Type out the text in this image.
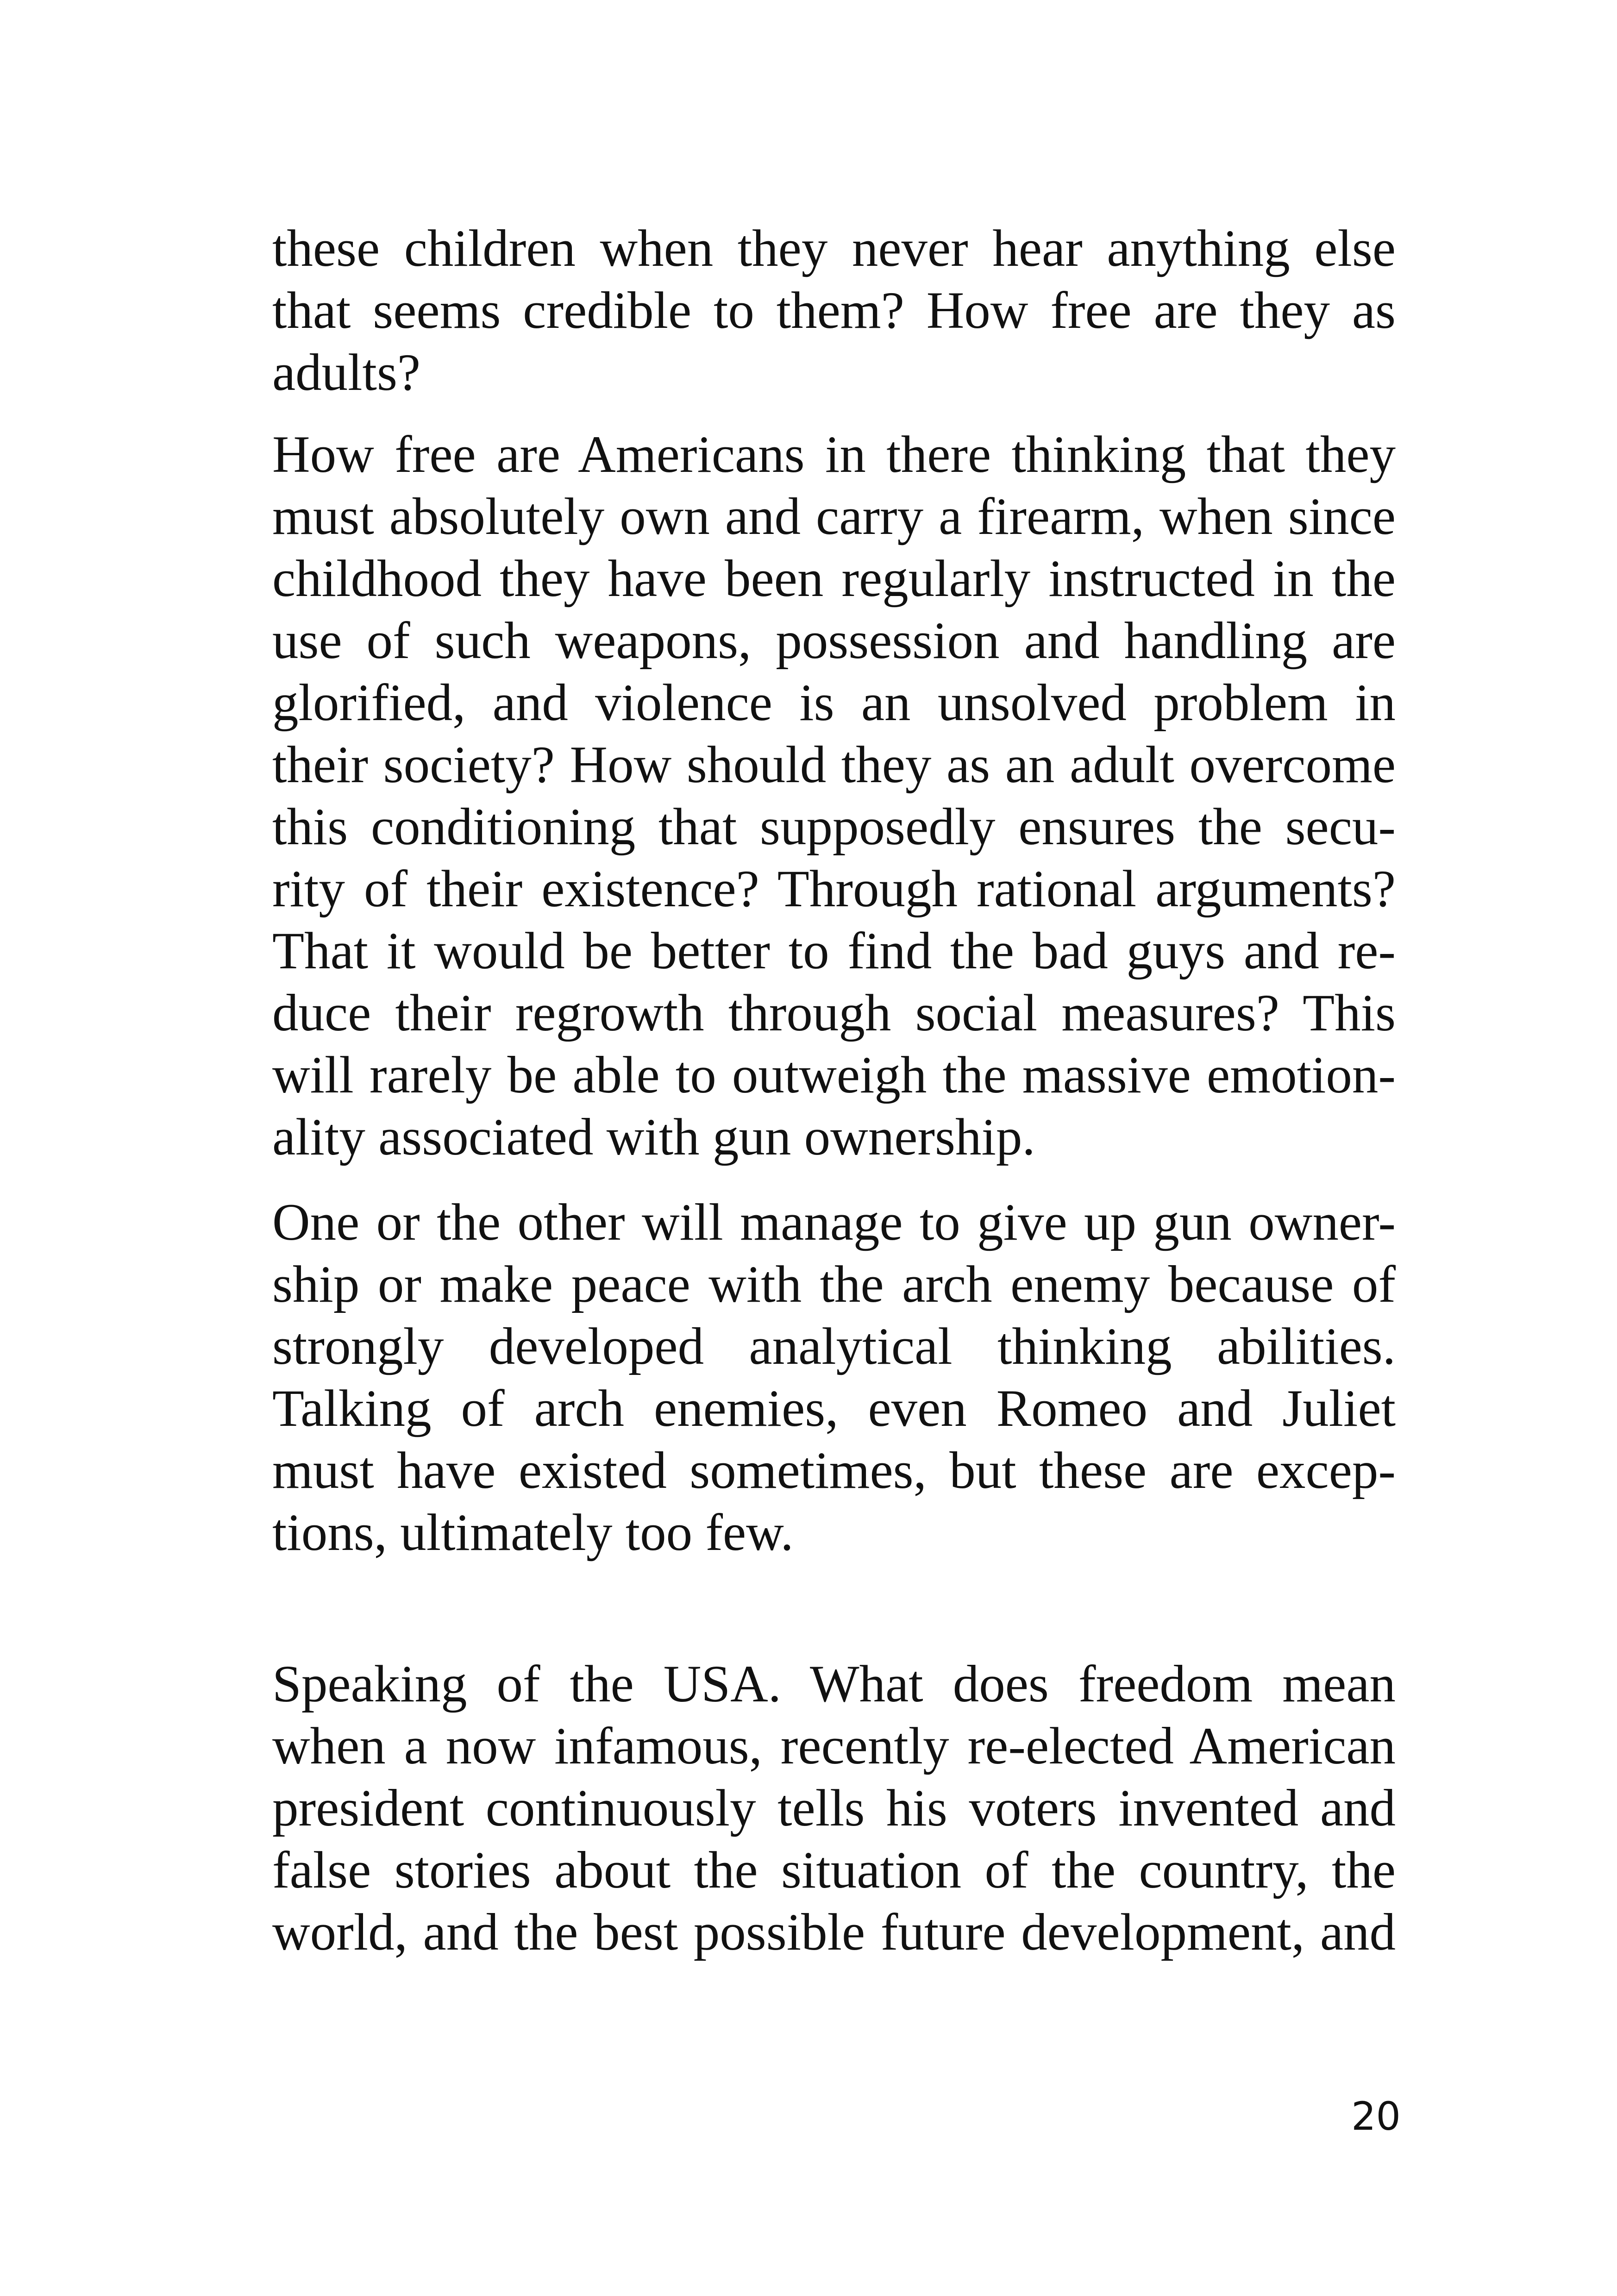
these children when they never hear anything else
that seems credible to them? How free are they as
adults?
How free are Americans in there thinking that they
must absolutely own and carry a firearm, when since
childhood they have been regularly instructed in the
use of such weapons, possession and handling are
glorified, and violence is an unsolved problem in
their society? How should they as an adult overcome
this conditioning that supposedly ensures the secu-
rity of their existence? Through rational arguments?
That it would be better to find the bad guys and re-
duce their regrowth through social measures? This
will rarely be able to outweigh the massive emotion-
ality associated with gun ownership.
One or the other will manage to give up gun owner-
ship or make peace with the arch enemy because of
strongly developed analytical thinking abilities.
Talking of arch enemies, even Romeo and Juliet
must have existed sometimes, but these are excep-
tions, ultimately too few.
Speaking of the USA. What does freedom mean
when a now infamous, recently re-elected American
president continuously tells his voters invented and
false stories about the situation of the country, the
world, and the best possible future development, and
20
